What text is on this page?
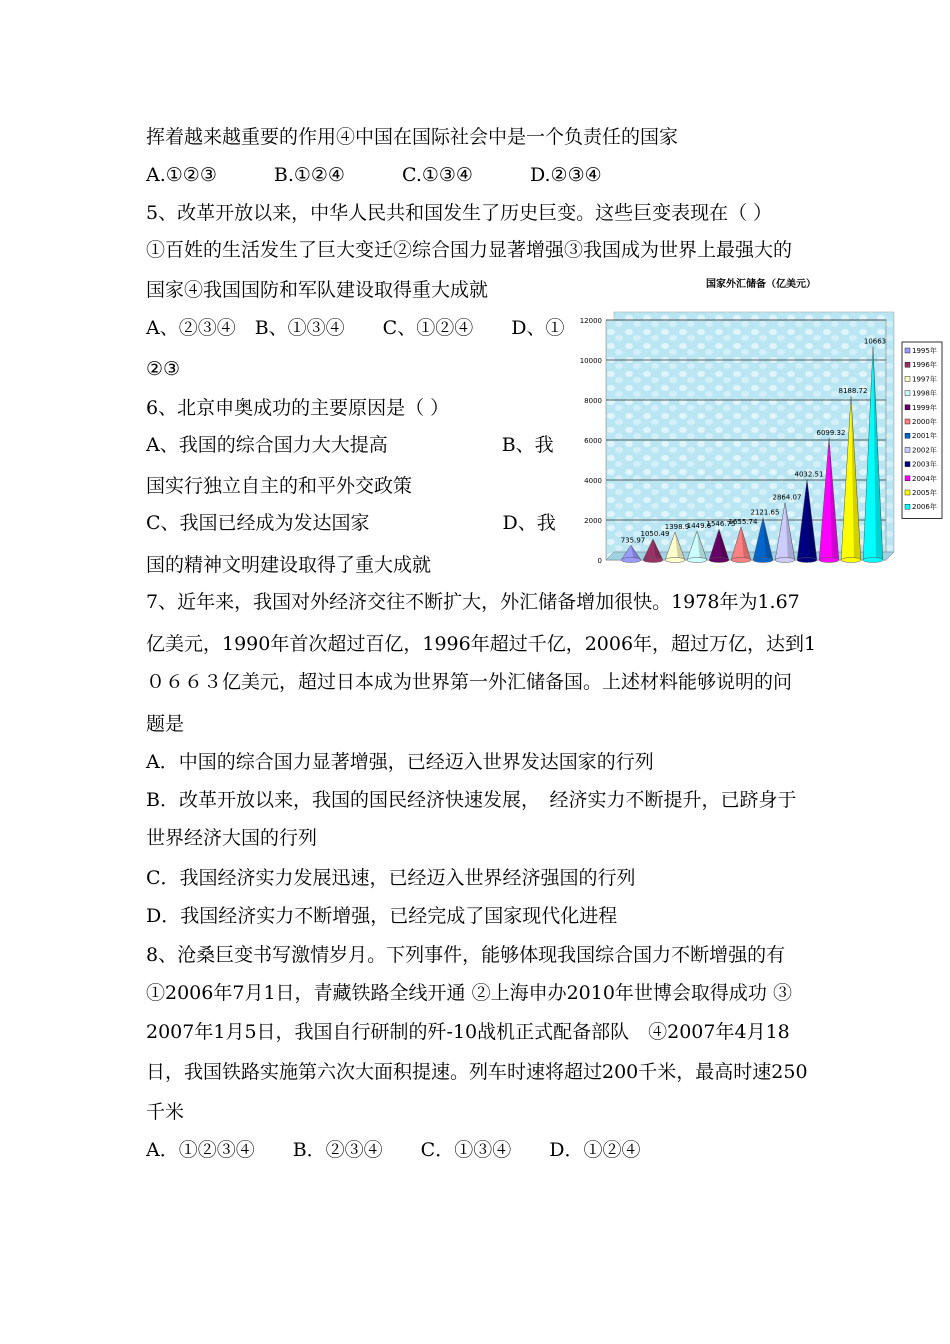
挥着越来越重要的作用④中国在国际社会中是一个负责任的国家
A.①②③　　　B.①②④　　　C.①③④　　　D.②③④
5、改革开放以来，中华人民共和国发生了历史巨变。这些巨变表现在（ ）
①百姓的生活发生了巨大变迁②综合国力显著增强③我国成为世界上最强大的
国家④我国国防和军队建设取得重大成就
A、②③④　B、①③④　　C、①②④　　D、①
②③
6、北京申奥成功的主要原因是（ ）
A、我国的综合国力大大提高　　　　　　B、我
国实行独立自主的和平外交政策
C、我国已经成为发达国家　　　　　　　D、我
国的精神文明建设取得了重大成就
7、近年来，我国对外经济交往不断扩大，外汇储备增加很快。1978年为1.67
亿美元，1990年首次超过百亿，1996年超过千亿，2006年，超过万亿，达到1
０６６３亿美元，超过日本成为世界第一外汇储备国。上述材料能够说明的问
题是
A．中国的综合国力显著增强，已经迈入世界发达国家的行列
B．改革开放以来，我国的国民经济快速发展，　经济实力不断提升，已跻身于
世界经济大国的行列
C．我国经济实力发展迅速，已经迈入世界经济强国的行列
D．我国经济实力不断增强，已经完成了国家现代化进程
8、沧桑巨变书写激情岁月。下列事件，能够体现我国综合国力不断增强的有
①2006年7月1日，青藏铁路全线开通 ②上海申办2010年世博会取得成功 ③
2007年1月5日，我国自行研制的歼-10战机正式配备部队　④2007年4月18
日，我国铁路实施第六次大面积提速。列车时速将超过200千米，最高时速250
千米
A．①②③④　　B．②③④　　C．①③④　　D．①②④
国家外汇储备（亿美元）
0
2000
4000
6000
8000
10000
12000
735.97
1050.49
1398.9
1449.6
1546.75
1655.74
2121.65
2864.07
4032.51
6099.32
8188.72
10663
1995年
1996年
1997年
1998年
1999年
2000年
2001年
2002年
2003年
2004年
2005年
2006年
